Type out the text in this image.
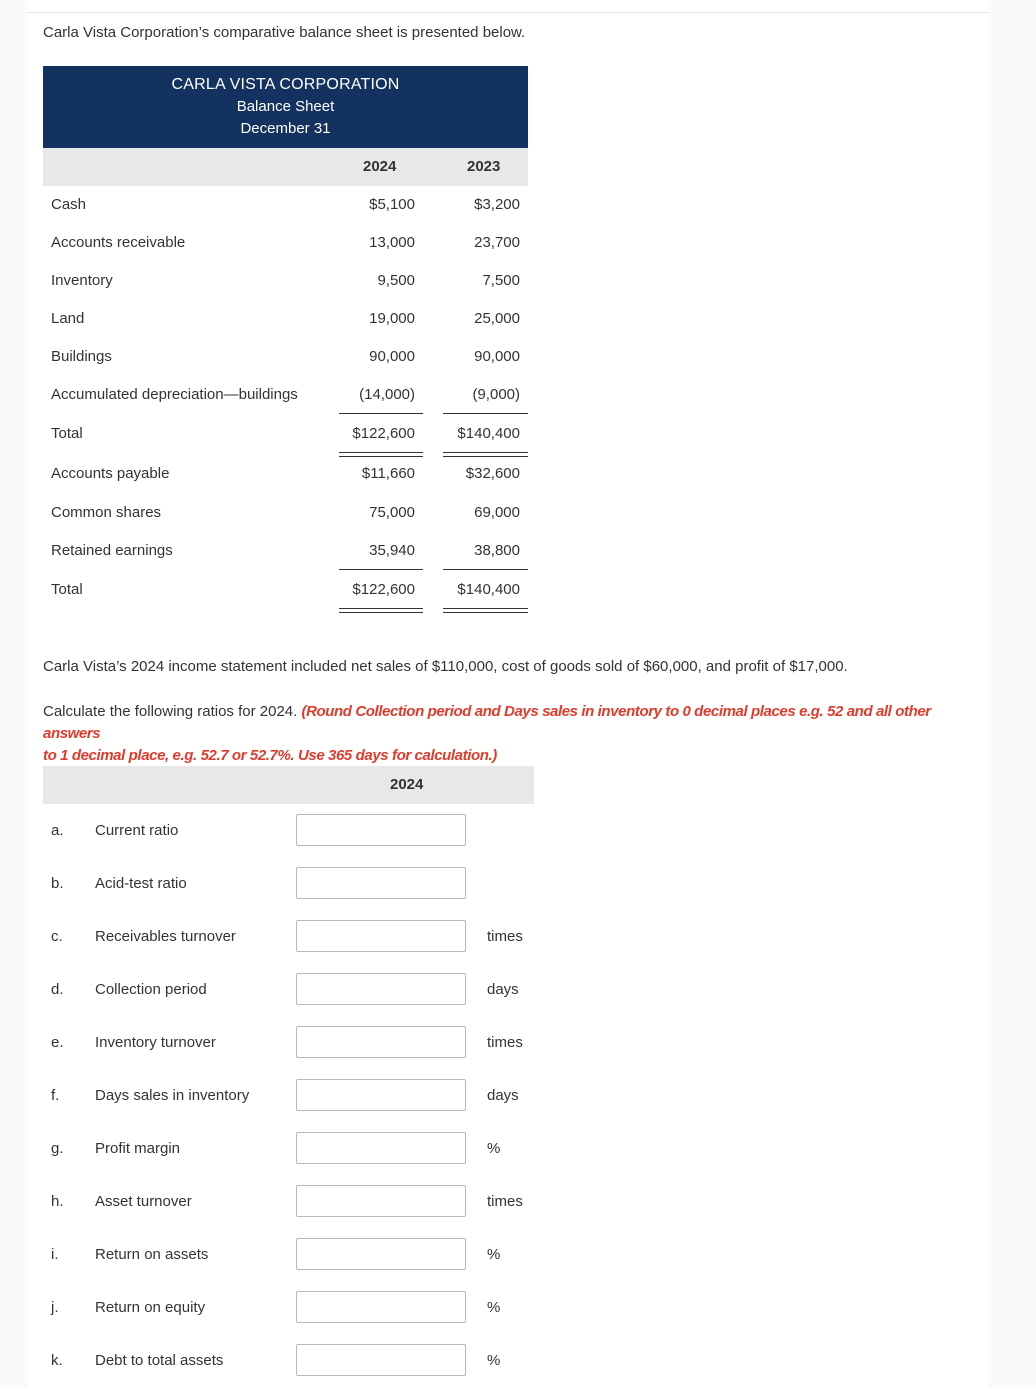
Carla Vista Corporation’s comparative balance sheet is presented below.
CARLA VISTA CORPORATION
Balance Sheet
December 31
2024	2023
Cash	$5,100	$3,200
Accounts receivable	13,000	23,700
Inventory	9,500	7,500
Land	19,000	25,000
Buildings	90,000	90,000
Accumulated depreciation—buildings	(14,000)	(9,000)
Total	$122,600	$140,400
Accounts payable	$11,660	$32,600
Common shares	75,000	69,000
Retained earnings	35,940	38,800
Total	$122,600	$140,400
Carla Vista’s 2024 income statement included net sales of $110,000, cost of goods sold of $60,000, and profit of $17,000.
Calculate the following ratios for 2024. (Round Collection period and Days sales in inventory to 0 decimal places e.g. 52 and all other answers
to 1 decimal place, e.g. 52.7 or 52.7%. Use 365 days for calculation.)
2024
a. Current ratio
b. Acid-test ratio
c. Receivables turnover	times
d. Collection period	days
e. Inventory turnover	times
f. Days sales in inventory	days
g. Profit margin	%
h. Asset turnover	times
i. Return on assets	%
j. Return on equity	%
k. Debt to total assets	%
